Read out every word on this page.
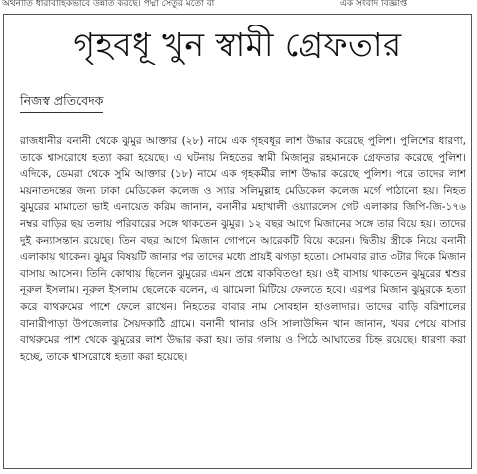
অর্থনীতি ধারাবাহিকভাবে উন্নতি করছে। পদ্মা সেতুর মতো বা	এক সংবাদ বিজ্ঞপ্তি
গৃহবধূ খুন স্বামী গ্রেফতার
নিজস্ব প্রতিবেদক

রাজধানীর বনানী থেকে ঝুমুর আক্তার (২৮) নামে এক গৃহবধূর লাশ উদ্ধার করেছে পুলিশ। পুলিশের ধারণা, তাকে শ্বাসরোধে হত্যা করা হয়েছে। এ ঘটনায় নিহতের স্বামী মিজানুর রহমানকে গ্রেফতার করেছে পুলিশ। এদিকে, ডেমরা থেকে সুমি আক্তার (১৮) নামে এক গৃহকর্মীর লাশ উদ্ধার করেছে পুলিশ। পরে তাদের লাশ ময়নাতদন্তের জন্য ঢাকা মেডিকেল কলেজ ও স্যার সলিমুল্লাহ মেডিকেল কলেজ মর্গে পাঠানো হয়। নিহত ঝুমুরের মামাতো ভাই এনায়েত করিম জানান, বনানীর মহাখালী ওয়্যারলেস গেট এলাকার জিপি-জি-১৭৬ নম্বর বাড়ির ছয় তলায় পরিবারের সঙ্গে থাকতেন ঝুমুর। ১২ বছর আগে মিজানের সঙ্গে তার বিয়ে হয়। তাদের দুই কন্যাসন্তান রয়েছে। তিন বছর আগে মিজান গোপনে আরেকটি বিয়ে করেন। দ্বিতীয় স্ত্রীকে নিয়ে বনানী এলাকায় থাকেন। ঝুমুর বিষয়টি জানার পর তাদের মধ্যে প্রায়ই ঝগড়া হতো। সোমবার রাত ৩টার দিকে মিজান বাসায় আসেন। তিনি কোথায় ছিলেন ঝুমুরের এমন প্রশ্নে বাকবিতণ্ডা হয়। ওই বাসায় থাকতেন ঝুমুরের শ্বশুর নূরুল ইসলাম। নূরুল ইসলাম ছেলেকে বলেন, এ ঝামেলা মিটিয়ে ফেলতে হবে। এরপর মিজান ঝুমুরকে হত্যা করে বাথরুমের পাশে ফেলে রাখেন। নিহতের বাবার নাম সোবহান হাওলাদার। তাদের বাড়ি বরিশালের বানারীপাড়া উপজেলার সৈয়দকাঠি গ্রামে। বনানী থানার ওসি সালাউদ্দিন খান জানান, খবর পেয়ে বাসার বাথরুমের পাশ থেকে ঝুমুরের লাশ উদ্ধার করা হয়। তার গলায় ও পিঠে আঘাতের চিহ্ন রয়েছে। ধারণা করা হচ্ছে, তাকে শ্বাসরোধে হত্যা করা হয়েছে।
